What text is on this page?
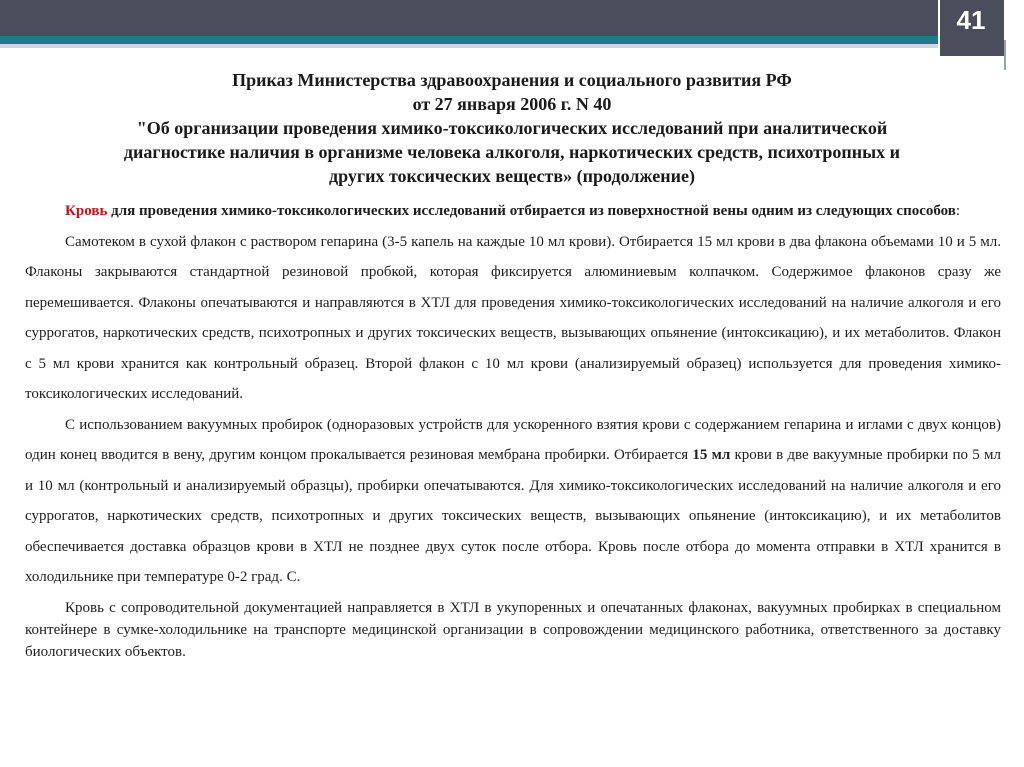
41
Приказ Министерства здравоохранения и социального развития РФ
от 27 января 2006 г. N 40
"Об организации проведения химико-токсикологических исследований при аналитической
диагностике наличия в организме человека алкоголя, наркотических средств, психотропных и
других токсических веществ» (продолжение)

Кровь для проведения химико-токсикологических исследований отбирается из поверхностной вены одним из следующих способов:

Самотеком в сухой флакон с раствором гепарина (3-5 капель на каждые 10 мл крови). Отбирается 15 мл крови в два флакона объемами 10 и 5 мл. Флаконы закрываются стандартной резиновой пробкой, которая фиксируется алюминиевым колпачком. Содержимое флаконов сразу же перемешивается. Флаконы опечатываются и направляются в ХТЛ для проведения химико-токсикологических исследований на наличие алкоголя и его суррогатов, наркотических средств, психотропных и других токсических веществ, вызывающих опьянение (интоксикацию), и их метаболитов. Флакон с 5 мл крови хранится как контрольный образец. Второй флакон с 10 мл крови (анализируемый образец) используется для проведения химико-токсикологических исследований.

С использованием вакуумных пробирок (одноразовых устройств для ускоренного взятия крови с содержанием гепарина и иглами с двух концов) один конец вводится в вену, другим концом прокалывается резиновая мембрана пробирки. Отбирается 15 мл крови в две вакуумные пробирки по 5 мл и 10 мл (контрольный и анализируемый образцы), пробирки опечатываются. Для химико-токсикологических исследований на наличие алкоголя и его суррогатов, наркотических средств, психотропных и других токсических веществ, вызывающих опьянение (интоксикацию), и их метаболитов обеспечивается доставка образцов крови в ХТЛ не позднее двух суток после отбора. Кровь после отбора до момента отправки в ХТЛ хранится в холодильнике при температуре 0-2 град. С.

Кровь с сопроводительной документацией направляется в ХТЛ в укупоренных и опечатанных флаконах, вакуумных пробирках в специальном контейнере в сумке-холодильнике на транспорте медицинской организации в сопровождении медицинского работника, ответственного за доставку биологических объектов.
